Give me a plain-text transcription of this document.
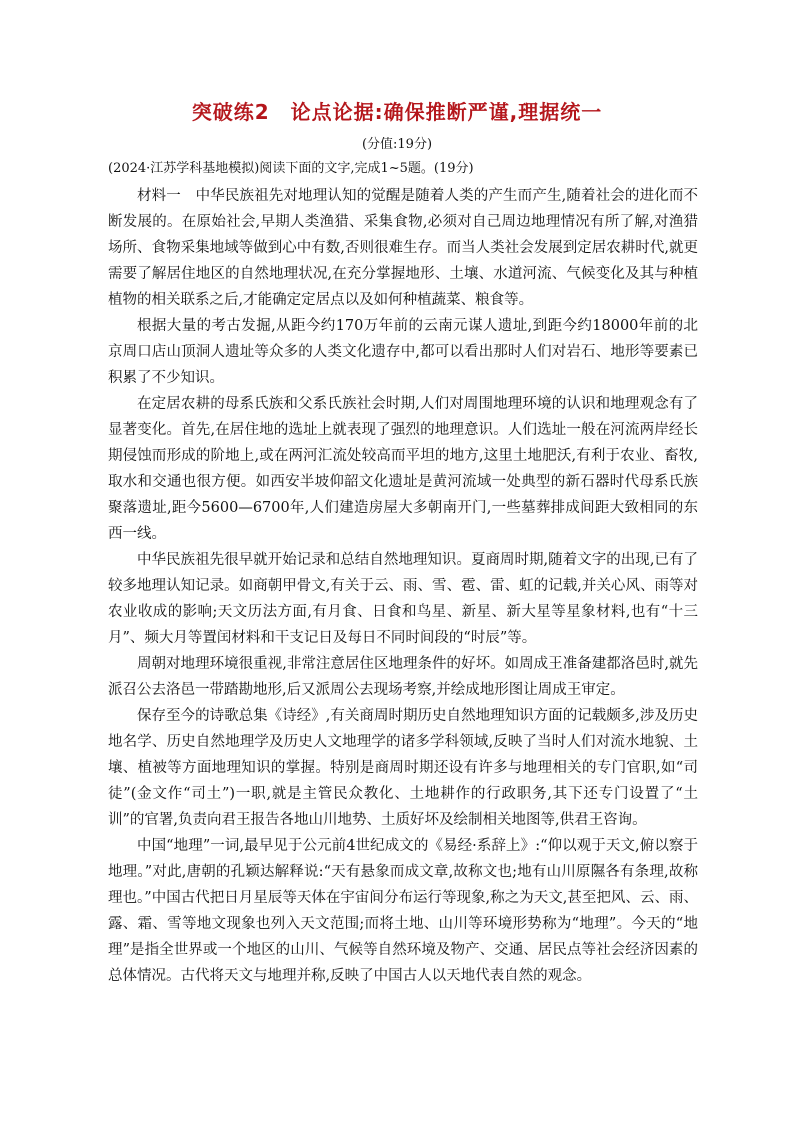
突破练2　论点论据:确保推断严谨,理据统一
(分值:19分)
(2024·江苏学科基地模拟)阅读下面的文字,完成1~5题。(19分)

材料一　中华民族祖先对地理认知的觉醒是随着人类的产生而产生,随着社会的进化而不断发展的。在原始社会,早期人类渔猎、采集食物,必须对自己周边地理情况有所了解,对渔猎场所、食物采集地域等做到心中有数,否则很难生存。而当人类社会发展到定居农耕时代,就更需要了解居住地区的自然地理状况,在充分掌握地形、土壤、水道河流、气候变化及其与种植植物的相关联系之后,才能确定定居点以及如何种植蔬菜、粮食等。

根据大量的考古发掘,从距今约170万年前的云南元谋人遗址,到距今约18000年前的北京周口店山顶洞人遗址等众多的人类文化遗存中,都可以看出那时人们对岩石、地形等要素已积累了不少知识。

在定居农耕的母系氏族和父系氏族社会时期,人们对周围地理环境的认识和地理观念有了显著变化。首先,在居住地的选址上就表现了强烈的地理意识。人们选址一般在河流两岸经长期侵蚀而形成的阶地上,或在两河汇流处较高而平坦的地方,这里土地肥沃,有利于农业、畜牧,取水和交通也很方便。如西安半坡仰韶文化遗址是黄河流域一处典型的新石器时代母系氏族聚落遗址,距今5600—6700年,人们建造房屋大多朝南开门,一些墓葬排成间距大致相同的东西一线。

中华民族祖先很早就开始记录和总结自然地理知识。夏商周时期,随着文字的出现,已有了较多地理认知记录。如商朝甲骨文,有关于云、雨、雪、雹、雷、虹的记载,并关心风、雨等对农业收成的影响;天文历法方面,有月食、日食和鸟星、新星、新大星等星象材料,也有“十三月”、频大月等置闰材料和干支记日及每日不同时间段的“时辰”等。

周朝对地理环境很重视,非常注意居住区地理条件的好坏。如周成王准备建都洛邑时,就先派召公去洛邑一带踏勘地形,后又派周公去现场考察,并绘成地形图让周成王审定。

保存至今的诗歌总集《诗经》,有关商周时期历史自然地理知识方面的记载颇多,涉及历史地名学、历史自然地理学及历史人文地理学的诸多学科领域,反映了当时人们对流水地貌、土壤、植被等方面地理知识的掌握。特别是商周时期还设有许多与地理相关的专门官职,如“司徒”(金文作“司土”)一职,就是主管民众教化、土地耕作的行政职务,其下还专门设置了“土训”的官署,负责向君王报告各地山川地势、土质好坏及绘制相关地图等,供君王咨询。

中国“地理”一词,最早见于公元前4世纪成文的《易经·系辞上》:“仰以观于天文,俯以察于地理。”对此,唐朝的孔颖达解释说:“天有悬象而成文章,故称文也;地有山川原隰各有条理,故称理也。”中国古代把日月星辰等天体在宇宙间分布运行等现象,称之为天文,甚至把风、云、雨、露、霜、雪等地文现象也列入天文范围;而将土地、山川等环境形势称为“地理”。今天的“地理”是指全世界或一个地区的山川、气候等自然环境及物产、交通、居民点等社会经济因素的总体情况。古代将天文与地理并称,反映了中国古人以天地代表自然的观念。
